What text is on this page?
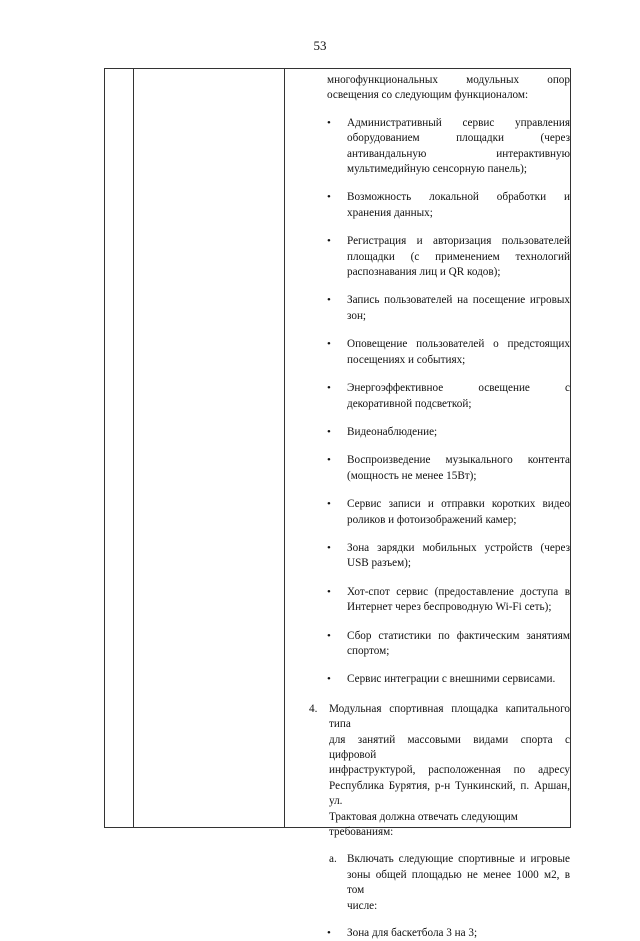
53

многофункциональных модульных опор

освещения со следующим функционалом:

• Административный сервис управления

оборудованием площадки (через

антивандальную интерактивную

мультимедийную сенсорную панель);

• Возможность локальной обработки и

хранения данных;

• Регистрация и авторизация пользователей

площадки (с применением технологий

распознавания лиц и QR кодов);

• Запись пользователей на посещение игровых

зон;

• Оповещение пользователей о предстоящих

посещениях и событиях;

• Энергоэффективное освещение с

декоративной подсветкой;

• Видеонаблюдение;

• Воспроизведение музыкального контента

(мощность не менее 15Вт);

• Сервис записи и отправки коротких видео

роликов и фотоизображений камер;

• Зона зарядки мобильных устройств (через

USB разъем);

• Хот-спот сервис (предоставление доступа в

Интернет через беспроводную Wi-Fi сеть);

• Сбор статистики по фактическим занятиям

спортом;

• Сервис интеграции с внешними сервисами.

4. Модульная спортивная площадка капитального типа

для занятий массовыми видами спорта с цифровой

инфраструктурой, расположенная по адресу

Республика Бурятия, р-н Тункинский, п. Аршан, ул.

Трактовая должна отвечать следующим требованиям:

a. Включать следующие спортивные и игровые

зоны общей площадью не менее 1000 м2, в том

числе:

• Зона для баскетбола 3 на 3;
